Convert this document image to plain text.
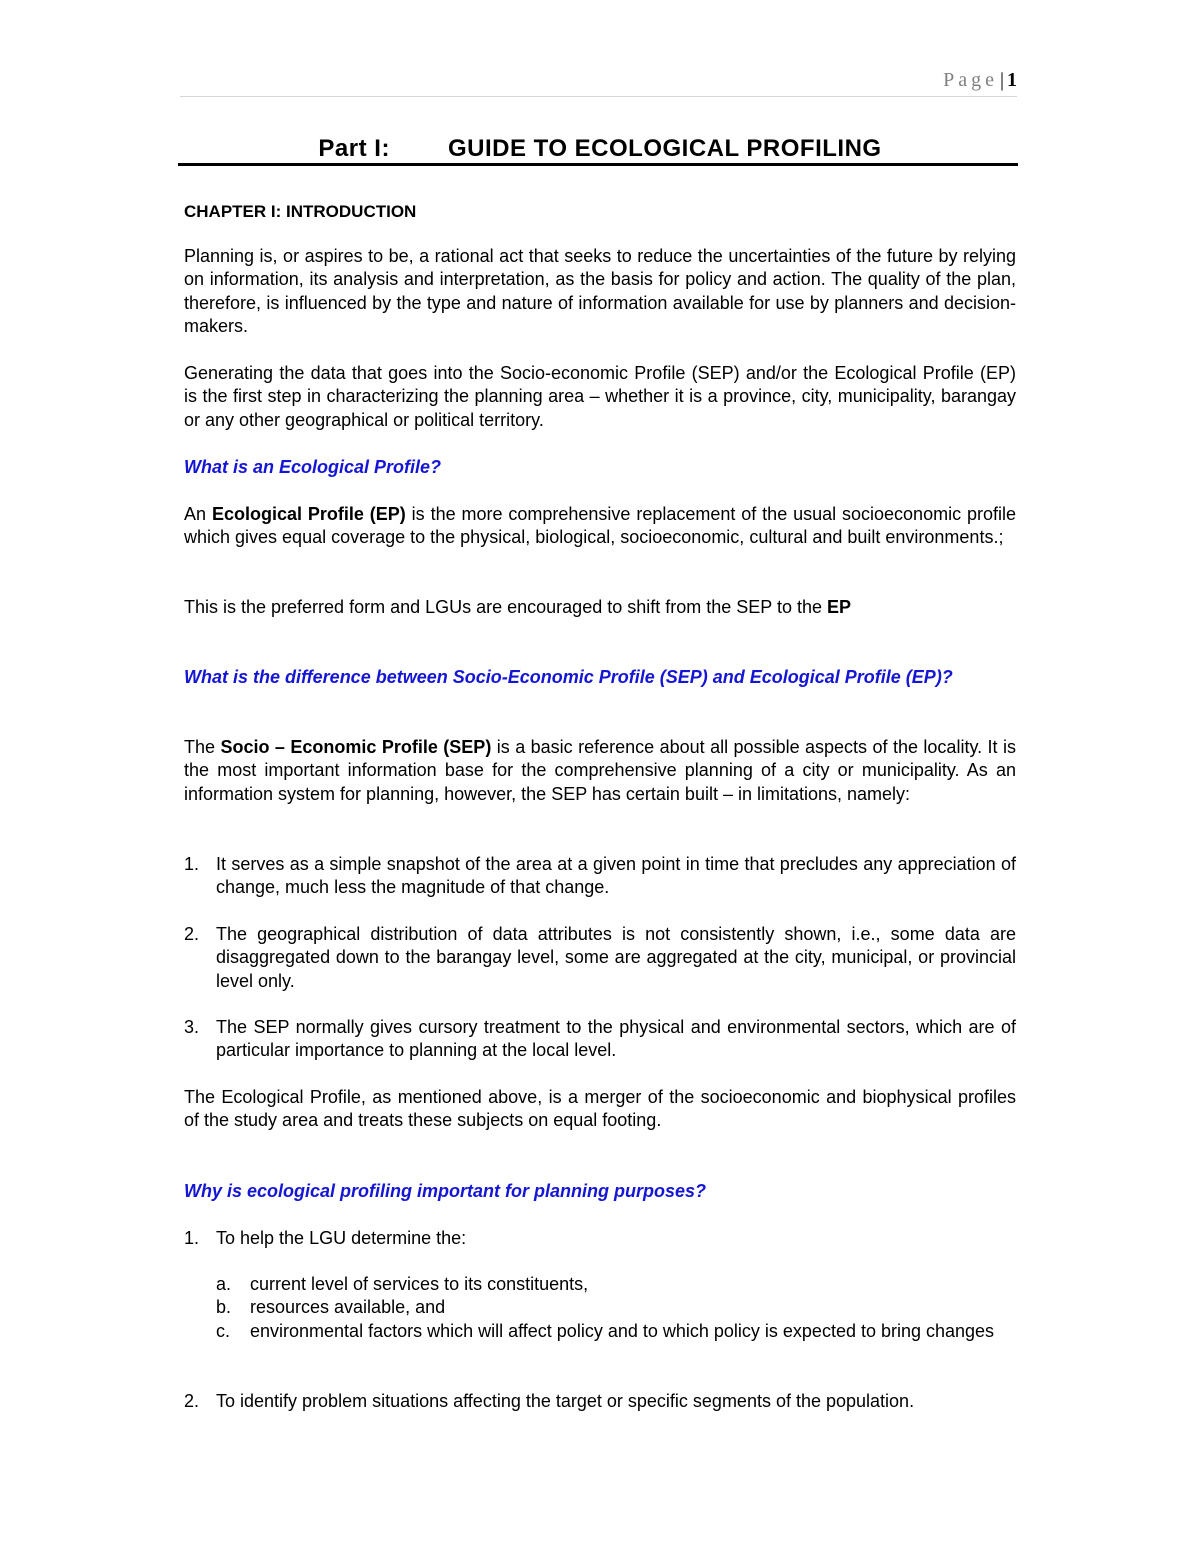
Page | 1
Part I: GUIDE TO ECOLOGICAL PROFILING
CHAPTER I: INTRODUCTION

Planning is, or aspires to be, a rational act that seeks to reduce the uncertainties of the future by relying on information, its analysis and interpretation, as the basis for policy and action. The quality of the plan, therefore, is influenced by the type and nature of information available for use by planners and decision-makers.

Generating the data that goes into the Socio-economic Profile (SEP) and/or the Ecological Profile (EP) is the first step in characterizing the planning area – whether it is a province, city, municipality, barangay or any other geographical or political territory.

What is an Ecological Profile?

An Ecological Profile (EP) is the more comprehensive replacement of the usual socioeconomic profile which gives equal coverage to the physical, biological, socioeconomic, cultural and built environments.;

This is the preferred form and LGUs are encouraged to shift from the SEP to the EP

What is the difference between Socio-Economic Profile (SEP) and Ecological Profile (EP)?

The Socio – Economic Profile (SEP) is a basic reference about all possible aspects of the locality. It is the most important information base for the comprehensive planning of a city or municipality. As an information system for planning, however, the SEP has certain built – in limitations, namely:

1. It serves as a simple snapshot of the area at a given point in time that precludes any appreciation of change, much less the magnitude of that change.
2. The geographical distribution of data attributes is not consistently shown, i.e., some data are disaggregated down to the barangay level, some are aggregated at the city, municipal, or provincial level only.
3. The SEP normally gives cursory treatment to the physical and environmental sectors, which are of particular importance to planning at the local level.

The Ecological Profile, as mentioned above, is a merger of the socioeconomic and biophysical profiles of the study area and treats these subjects on equal footing.

Why is ecological profiling important for planning purposes?

1. To help the LGU determine the:
a. current level of services to its constituents,
b. resources available, and
c. environmental factors which will affect policy and to which policy is expected to bring changes
2. To identify problem situations affecting the target or specific segments of the population.
